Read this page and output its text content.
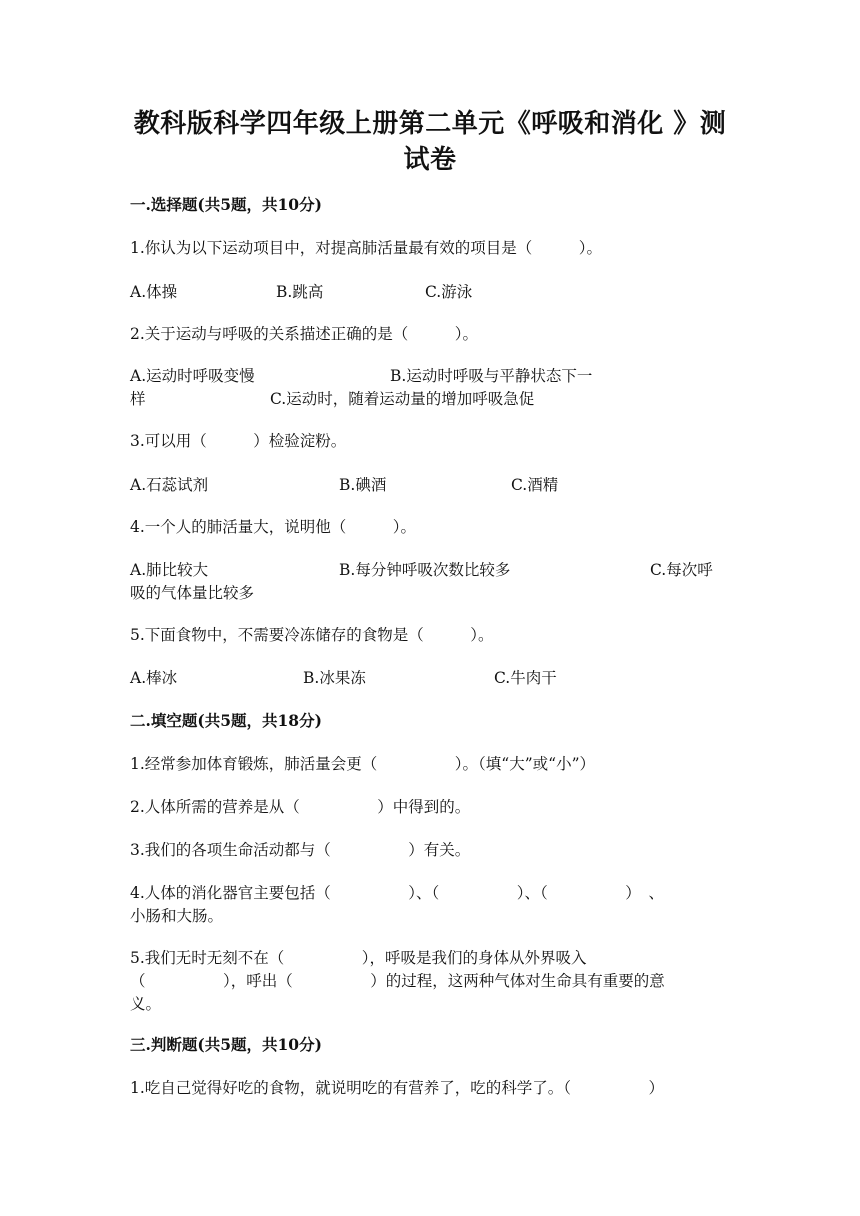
教科版科学四年级上册第二单元《呼吸和消化 》测
试卷
一.选择题(共5题，共10分)
1.你认为以下运动项目中，对提高肺活量最有效的项目是（　　　）。
A.体操	B.跳高	C.游泳
2.关于运动与呼吸的关系描述正确的是（　　　）。
A.运动时呼吸变慢	B.运动时呼吸与平静状态下一
样	C.运动时，随着运动量的增加呼吸急促
3.可以用（　　　）检验淀粉。
A.石蕊试剂	B.碘酒	C.酒精
4.一个人的肺活量大，说明他（　　　）。
A.肺比较大	B.每分钟呼吸次数比较多	C.每次呼
吸的气体量比较多
5.下面食物中，不需要冷冻储存的食物是（　　　）。
A.棒冰	B.冰果冻	C.牛肉干
二.填空题(共5题，共18分)
1.经常参加体育锻炼，肺活量会更（　　　　　）。（填“大”或“小”）
2.人体所需的营养是从（　　　　　）中得到的。
3.我们的各项生命活动都与（　　　　　）有关。
4.人体的消化器官主要包括（　　　　　）、（　　　　　）、（　　　　　）　、
小肠和大肠。
5.我们无时无刻不在（　　　　　），呼吸是我们的身体从外界吸入
（　　　　　），呼出（　　　　　）的过程，这两种气体对生命具有重要的意
义。
三.判断题(共5题，共10分)
1.吃自己觉得好吃的食物，就说明吃的有营养了，吃的科学了。（　　　　　）
